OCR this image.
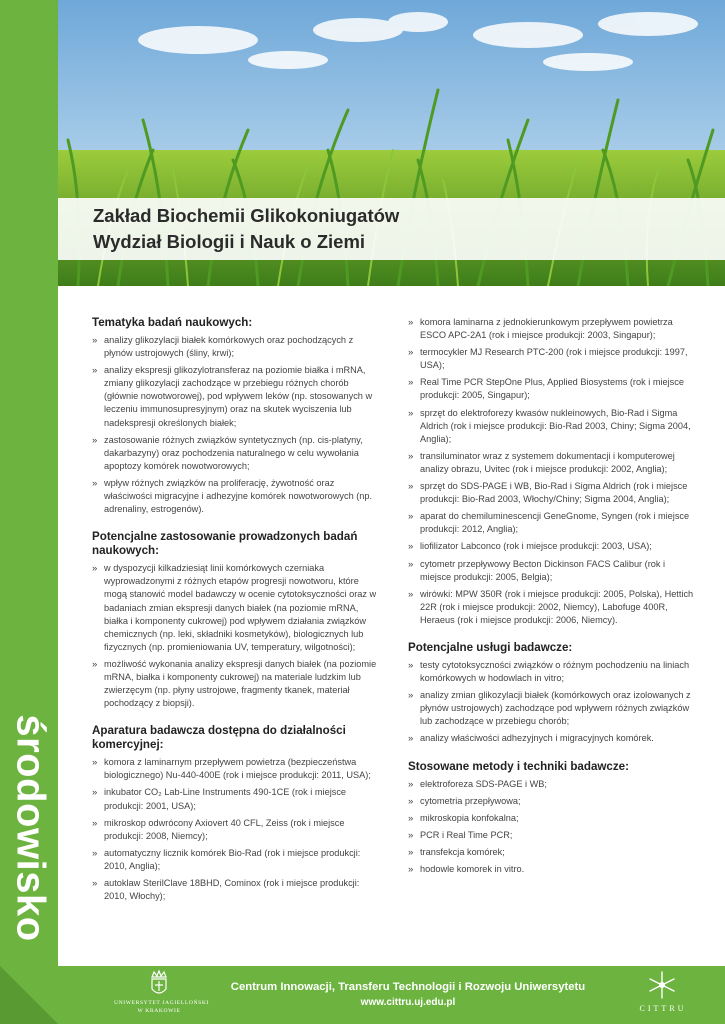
środowisko
Zakład Biochemii Glikokoniugatów
Wydział Biologii i Nauk o Ziemi
Tematyka badań naukowych:
» analizy glikozylacji białek komórkowych oraz pochodzących z płynów ustrojowych (śliny, krwi);
» analizy ekspresji glikozylotransferaz na poziomie białka i mRNA, zmiany glikozylacji zachodzące w przebiegu różnych chorób (głównie nowotworowej), pod wpływem leków (np. stosowanych w leczeniu immunosupresyjnym) oraz na skutek wyciszenia lub nadekspresji określonych białek;
» zastosowanie różnych związków syntetycznych (np. cis-platyny, dakarbazyny) oraz pochodzenia naturalnego w celu wywołania apoptozy komórek nowotworowych;
» wpływ różnych związków na proliferację, żywotność oraz właściwości migracyjne i adhezyjne komórek nowotworowych (np. adrenaliny, estrogenów).
Potencjalne zastosowanie prowadzonych badań naukowych:
» w dyspozycji kilkadziesiąt linii komórkowych czerniaka wyprowadzonymi z różnych etapów progresji nowotworu, które mogą stanowić model badawczy w ocenie cytotoksyczności oraz w badaniach zmian ekspresji danych białek (na poziomie mRNA, białka i komponenty cukrowej) pod wpływem działania związków chemicznych (np. leki, składniki kosmetyków), biologicznych lub fizycznych (np. promieniowania UV, temperatury, wilgotności);
» możliwość wykonania analizy ekspresji danych białek (na poziomie mRNA, białka i komponenty cukrowej) na materiale ludzkim lub zwierzęcym (np. płyny ustrojowe, fragmenty tkanek, materiał pochodzący z biopsji).
Aparatura badawcza dostępna do działalności komercyjnej:
» komora z laminarnym przepływem powietrza (bezpieczeństwa biologicznego) Nu-440-400E (rok i miejsce produkcji: 2011, USA);
» inkubator CO₂ Lab-Line Instruments 490-1CE (rok i miejsce produkcji: 2001, USA);
» mikroskop odwrócony Axiovert 40 CFL, Zeiss (rok i miejsce produkcji: 2008, Niemcy);
» automatyczny licznik komórek Bio-Rad (rok i miejsce produkcji: 2010, Anglia);
» autoklaw SterilClave 18BHD, Cominox (rok i miejsce produkcji: 2010, Włochy);
» komora laminarna z jednokierunkowym przepływem powietrza ESCO APC-2A1 (rok i miejsce produkcji: 2003, Singapur);
» termocykler MJ Research PTC-200 (rok i miejsce produkcji: 1997, USA);
» Real Time PCR StepOne Plus, Applied Biosystems (rok i miejsce produkcji: 2005, Singapur);
» sprzęt do elektroforezy kwasów nukleinowych, Bio-Rad i Sigma Aldrich (rok i miejsce produkcji: Bio-Rad 2003, Chiny; Sigma 2004, Anglia);
» transiluminator wraz z systemem dokumentacji i komputerowej analizy obrazu, Uvitec (rok i miejsce produkcji: 2002, Anglia);
» sprzęt do SDS-PAGE i WB, Bio-Rad i Sigma Aldrich (rok i miejsce produkcji: Bio-Rad 2003, Włochy/Chiny; Sigma 2004, Anglia);
» aparat do chemiluminescencji GeneGnome, Syngen (rok i miejsce produkcji: 2012, Anglia);
» liofilizator Labconco (rok i miejsce produkcji: 2003, USA);
» cytometr przepływowy Becton Dickinson FACS Calibur (rok i miejsce produkcji: 2005, Belgia);
» wirówki: MPW 350R (rok i miejsce produkcji: 2005, Polska), Hettich 22R (rok i miejsce produkcji: 2002, Niemcy), Labofuge 400R, Heraeus (rok i miejsce produkcji: 2006, Niemcy).
Potencjalne usługi badawcze:
» testy cytotoksyczności związków o różnym pochodzeniu na liniach komórkowych w hodowlach in vitro;
» analizy zmian glikozylacji białek (komórkowych oraz izolowanych z płynów ustrojowych) zachodzące pod wpływem różnych związków lub zachodzące w przebiegu chorób;
» analizy właściwości adhezyjnych i migracyjnych komórek.
Stosowane metody i techniki badawcze:
» elektroforeza SDS-PAGE i WB;
» cytometria przepływowa;
» mikroskopia konfokalna;
» PCR i Real Time PCR;
» transfekcja komórek;
» hodowle komorek in vitro.
UNIWERSYTET JAGIELLOŃSKI
W KRAKOWIE
Centrum Innowacji, Transferu Technologii i Rozwoju Uniwersytetu
www.cittru.uj.edu.pl
CITTRU
